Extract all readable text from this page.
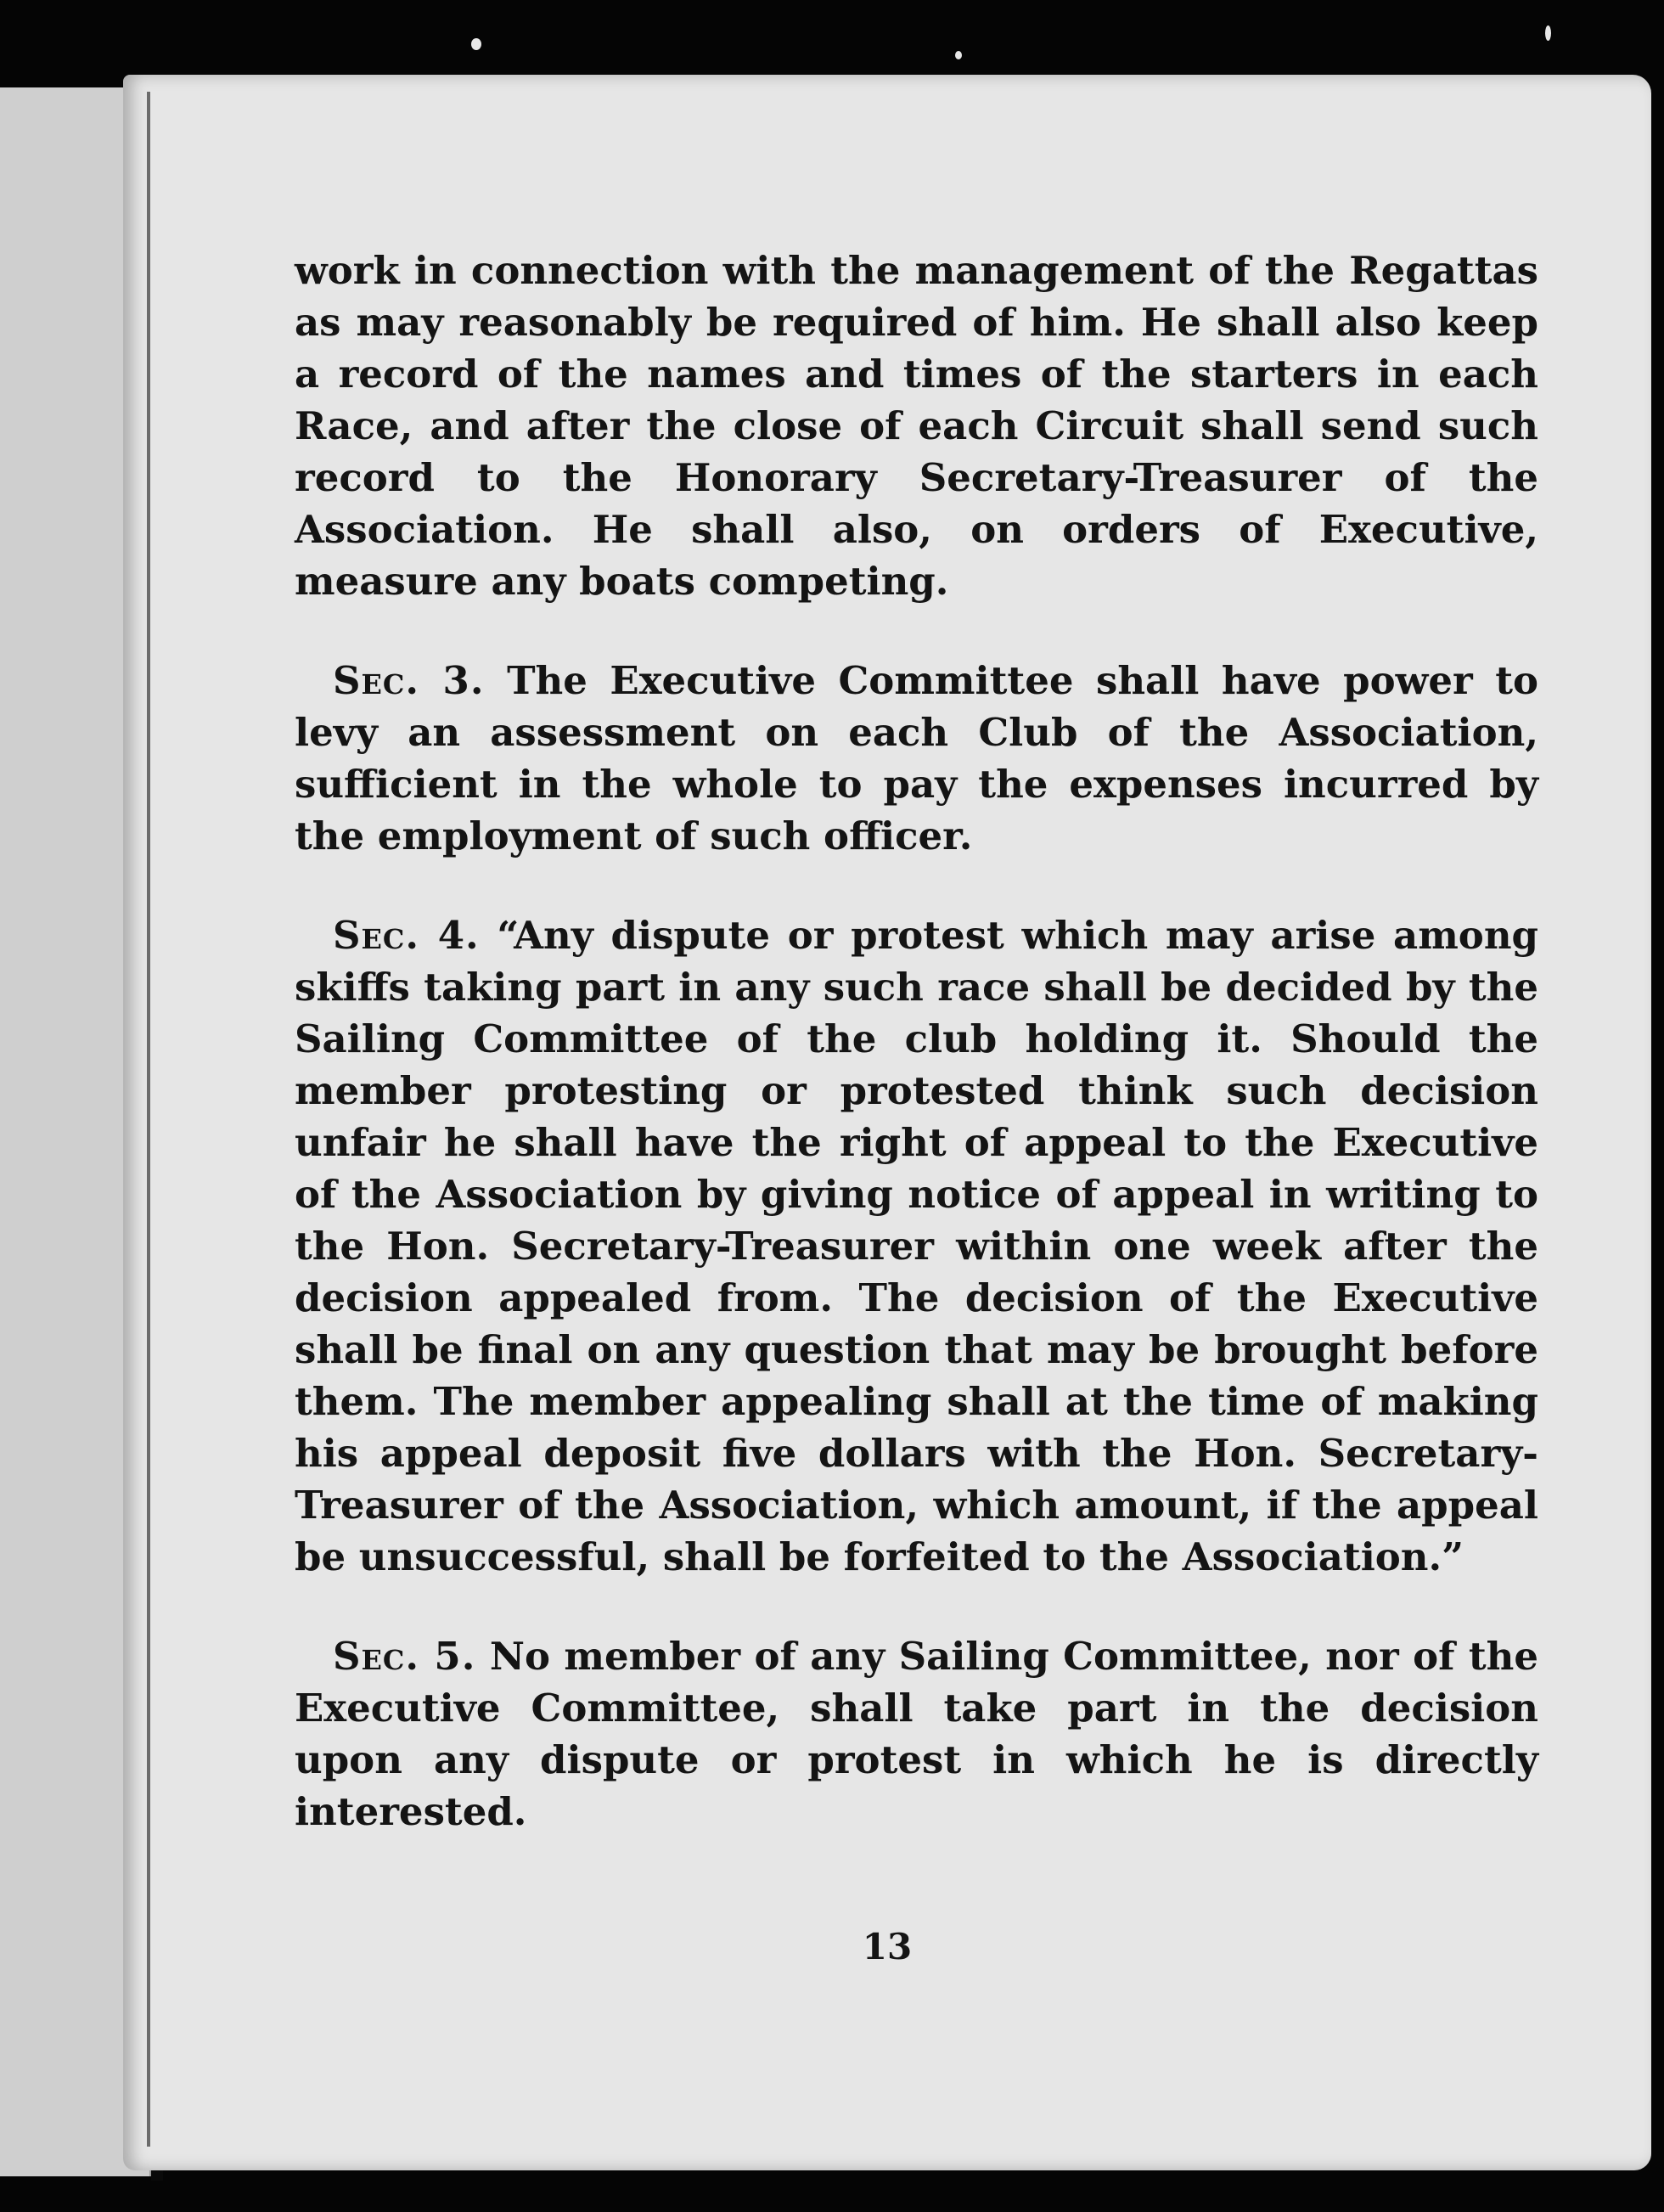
work in connection with the management of the Regattas as may reasonably be required of him. He shall also keep a record of the names and times of the starters in each Race, and after the close of each Circuit shall send such record to the Honorary Secretary-Treasurer of the Association. He shall also, on orders of Executive, measure any boats competing.

Sec. 3. The Executive Committee shall have power to levy an assessment on each Club of the Association, sufficient in the whole to pay the expenses incurred by the employment of such officer.

Sec. 4. “Any dispute or protest which may arise among skiffs taking part in any such race shall be decided by the Sailing Committee of the club holding it. Should the member protesting or protested think such decision unfair he shall have the right of appeal to the Executive of the Association by giving notice of appeal in writing to the Hon. Secretary-Treasurer within one week after the decision appealed from. The decision of the Executive shall be final on any question that may be brought before them. The member appealing shall at the time of making his appeal deposit five dollars with the Hon. Secretary-Treasurer of the Association, which amount, if the appeal be unsuccessful, shall be forfeited to the Association.”

Sec. 5. No member of any Sailing Committee, nor of the Executive Committee, shall take part in the decision upon any dispute or protest in which he is directly interested.

13
